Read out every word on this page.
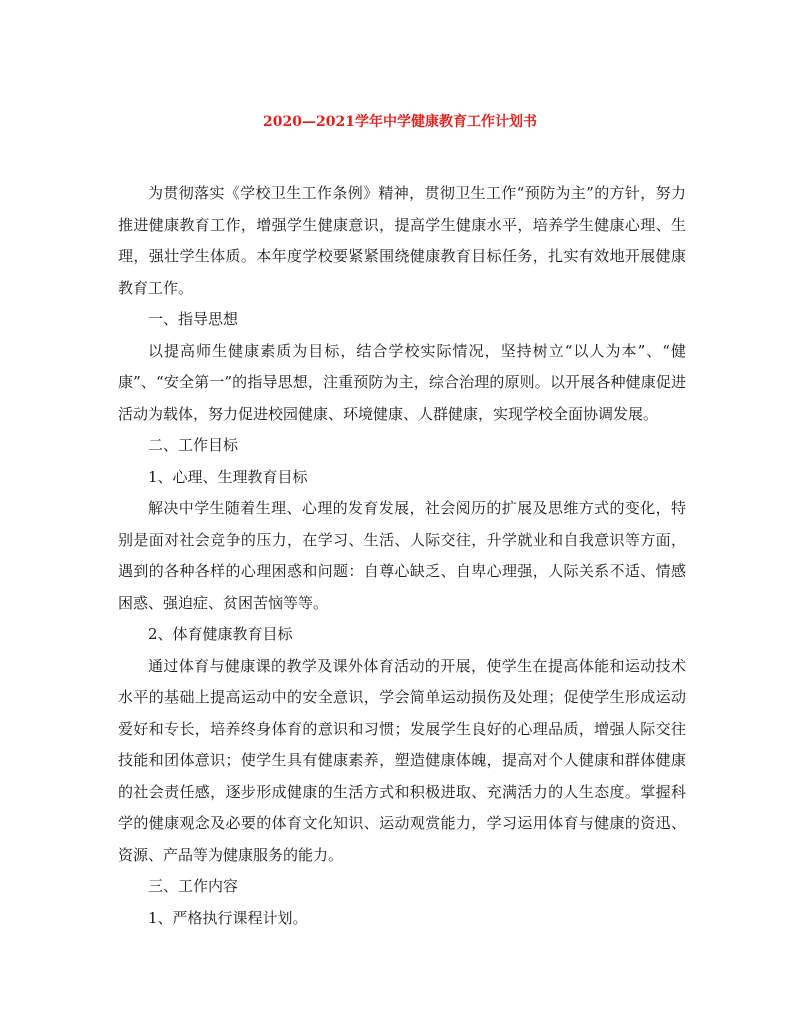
2020—2021学年中学健康教育工作计划书

为贯彻落实《学校卫生工作条例》精神，贯彻卫生工作“预防为主”的方针，努力推进健康教育工作，增强学生健康意识，提高学生健康水平，培养学生健康心理、生理，强壮学生体质。本年度学校要紧紧围绕健康教育目标任务，扎实有效地开展健康教育工作。

一、指导思想

以提高师生健康素质为目标，结合学校实际情况，坚持树立“以人为本”、“健康”、“安全第一”的指导思想，注重预防为主，综合治理的原则。以开展各种健康促进活动为载体，努力促进校园健康、环境健康、人群健康，实现学校全面协调发展。

二、工作目标

1、心理、生理教育目标

解决中学生随着生理、心理的发育发展，社会阅历的扩展及思维方式的变化，特别是面对社会竞争的压力，在学习、生活、人际交往，升学就业和自我意识等方面，遇到的各种各样的心理困惑和问题：自尊心缺乏、自卑心理强，人际关系不适、情感困惑、强迫症、贫困苦恼等等。

2、体育健康教育目标

通过体育与健康课的教学及课外体育活动的开展，使学生在提高体能和运动技术水平的基础上提高运动中的安全意识，学会简单运动损伤及处理；促使学生形成运动爱好和专长，培养终身体育的意识和习惯；发展学生良好的心理品质，增强人际交往技能和团体意识；使学生具有健康素养，塑造健康体魄，提高对个人健康和群体健康的社会责任感，逐步形成健康的生活方式和积极进取、充满活力的人生态度。掌握科学的健康观念及必要的体育文化知识、运动观赏能力，学习运用体育与健康的资迅、资源、产品等为健康服务的能力。

三、工作内容

1、严格执行课程计划。
